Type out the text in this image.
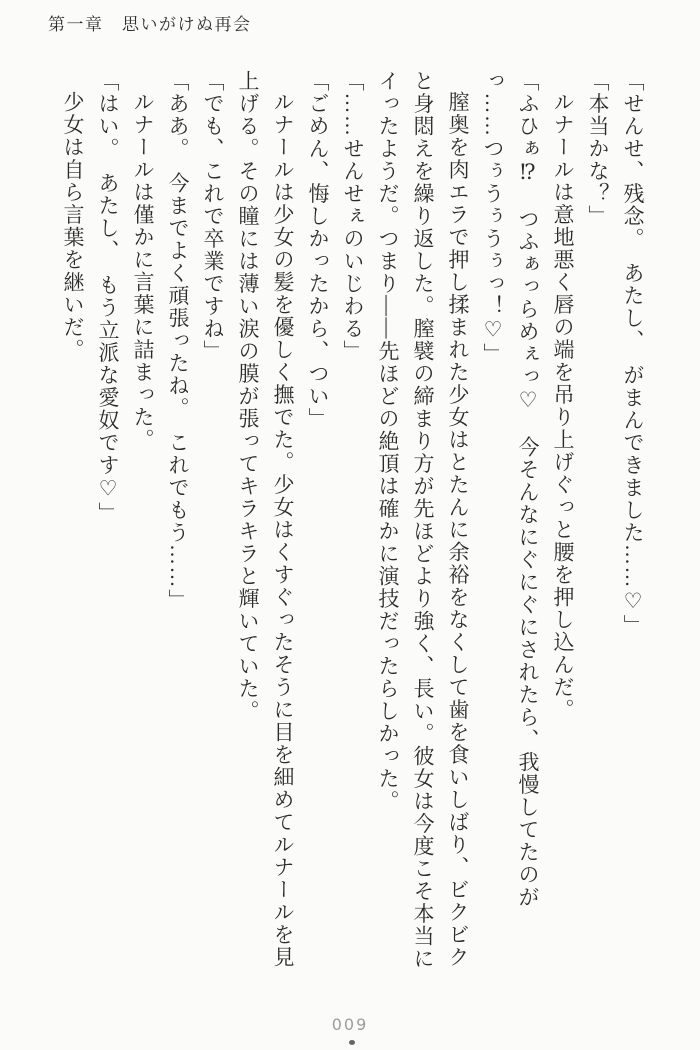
第一章　思いがけぬ再会

「せんせ、残念。　あたし、　がまんできました……♡」

「本当かな？」

ルナールは意地悪く唇の端を吊り上げぐっと腰を押し込んだ。

「ふひぁ⁉　つふぁっらめぇっ♡　今そんなにぐにぐにされたら、我慢してたのがっ……つぅうぅうぅっ！♡」

膣奥を肉エラで押し揉まれた少女はとたんに余裕をなくして歯を食いしばり、ビクビクと身悶えを繰り返した。膣襞の締まり方が先ほどより強く、長い。彼女は今度こそ本当にイったようだ。つまり――先ほどの絶頂は確かに演技だったらしかった。

「……せんせぇのいじわる」

「ごめん、悔しかったから、つい」

ルナールは少女の髪を優しく撫でた。少女はくすぐったそうに目を細めてルナールを見上げる。その瞳には薄い涙の膜が張ってキラキラと輝いていた。

「でも、これで卒業ですね」

「ああ。　今までよく頑張ったね。　これでもう……」

ルナールは僅かに言葉に詰まった。

「はい。　あたし、　もう立派な愛奴です♡」

少女は自ら言葉を継いだ。

009
